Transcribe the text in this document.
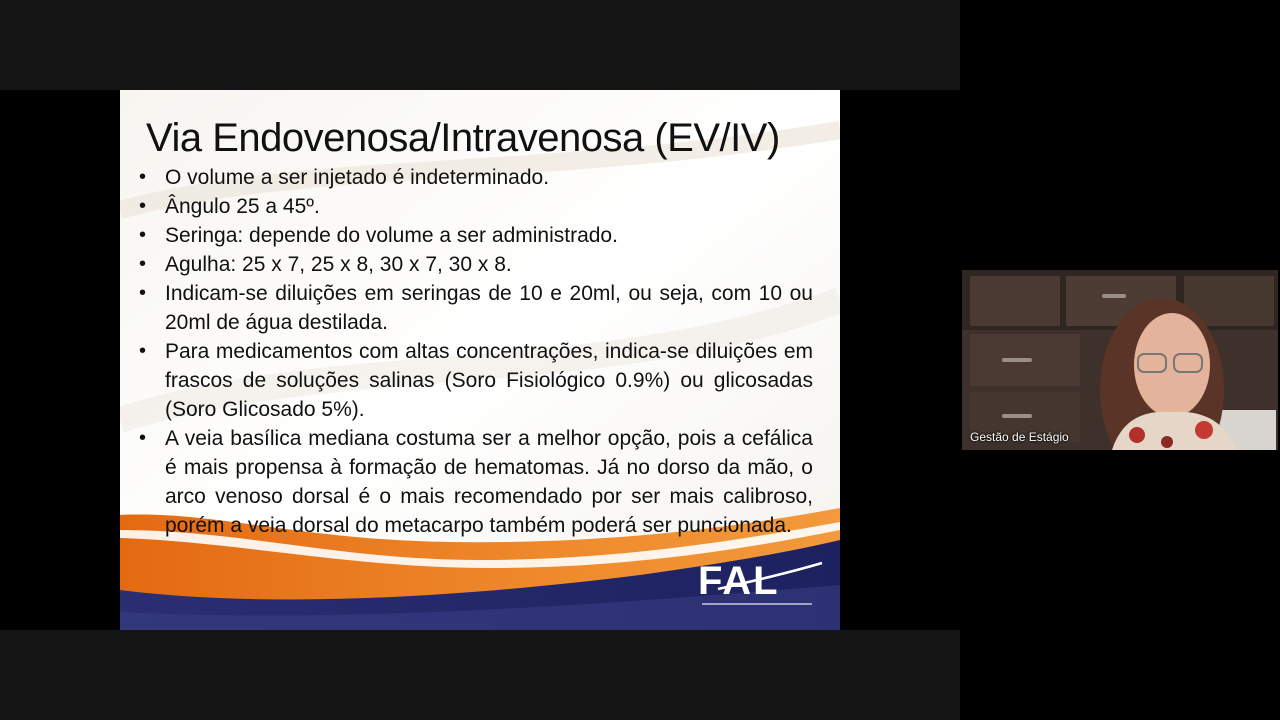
Via Endovenosa/Intravenosa (EV/IV)
• O volume a ser injetado é indeterminado.
• Ângulo 25 a 45º.
• Seringa: depende do volume a ser administrado.
• Agulha: 25 x 7, 25 x 8, 30 x 7, 30 x 8.
• Indicam-se diluições em seringas de 10 e 20ml, ou seja, com 10 ou 20ml de água destilada.
• Para medicamentos com altas concentrações, indica-se diluições em frascos de soluções salinas (Soro Fisiológico 0.9%) ou glicosadas (Soro Glicosado 5%).
• A veia basílica mediana costuma ser a melhor opção, pois a cefálica é mais propensa à formação de hematomas. Já no dorso da mão, o arco venoso dorsal é o mais recomendado por ser mais calibroso, porém a veia dorsal do metacarpo também poderá ser puncionada.
FAL
Gestão de Estágio
